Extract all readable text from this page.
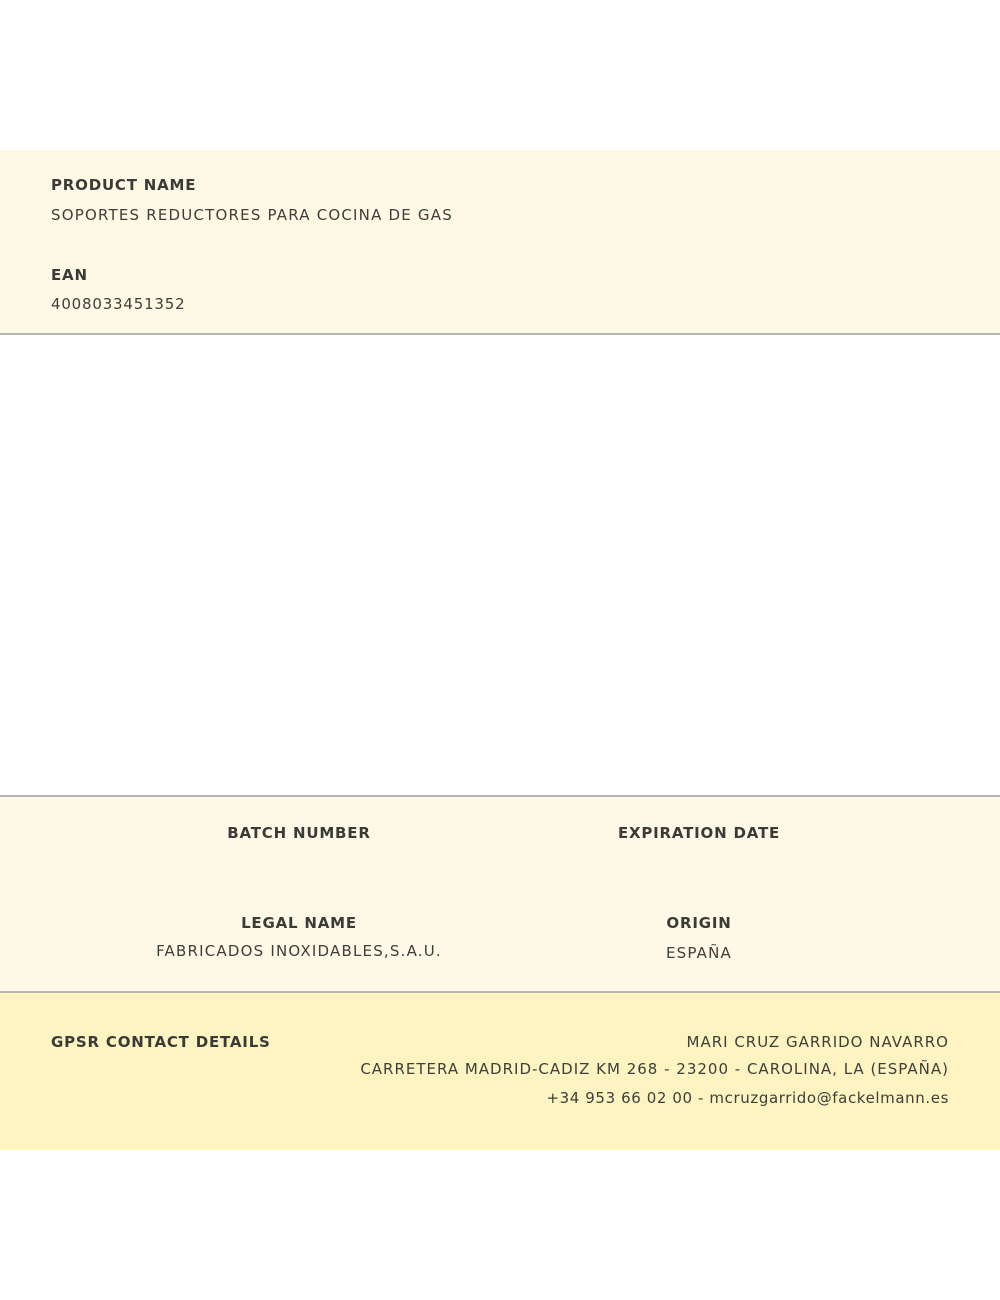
PRODUCT NAME
SOPORTES REDUCTORES PARA COCINA DE GAS
EAN
4008033451352
BATCH NUMBER	EXPIRATION DATE
LEGAL NAME
FABRICADOS INOXIDABLES,S.A.U.
ORIGIN
ESPAÑA
GPSR CONTACT DETAILS	MARI CRUZ GARRIDO NAVARRO
CARRETERA MADRID-CADIZ KM 268 - 23200 - CAROLINA, LA (ESPAÑA)
+34 953 66 02 00 - mcruzgarrido@fackelmann.es
